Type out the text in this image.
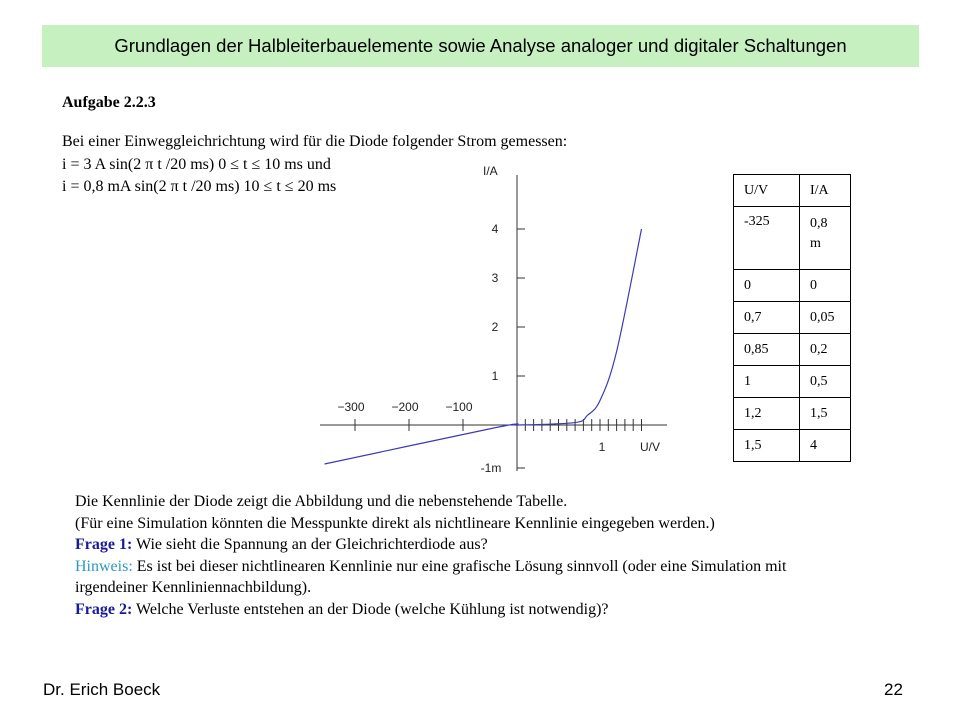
Grundlagen der Halbleiterbauelemente sowie Analyse analoger und digitaler Schaltungen
Aufgabe 2.2.3
Bei einer Einweggleichrichtung wird für die Diode folgender Strom gemessen:
i = 3 A sin(2 π t /20 ms) 0 ≤ t ≤ 10 ms und
i = 0,8 mA sin(2 π t /20 ms) 10 ≤ t ≤ 20 ms
1
2
3
4
-1m
−300 −200 −100
1
I/A
U/V
U/V	I/A
-325	0,8 m
0	0
0,7	0,05
0,85	0,2
1	0,5
1,2	1,5
1,5	4
Die Kennlinie der Diode zeigt die Abbildung und die nebenstehende Tabelle.
(Für eine Simulation könnten die Messpunkte direkt als nichtlineare Kennlinie eingegeben werden.)
Frage 1: Wie sieht die Spannung an der Gleichrichterdiode aus?
Hinweis: Es ist bei dieser nichtlinearen Kennlinie nur eine grafische Lösung sinnvoll (oder eine Simulation mit
irgendeiner Kennliniennachbildung).
Frage 2: Welche Verluste entstehen an der Diode (welche Kühlung ist notwendig)?
Dr. Erich Boeck	22
